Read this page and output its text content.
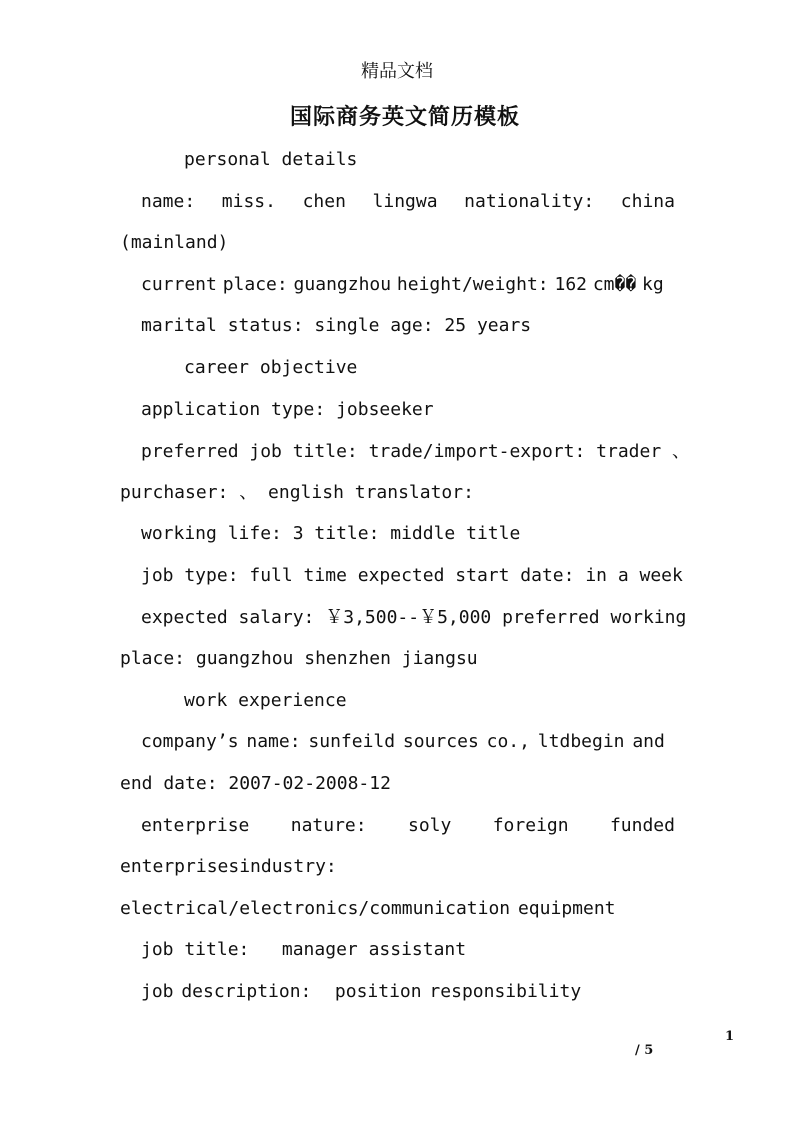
精品文档
国际商务英文简历模板
personal details
name: miss. chen lingwa nationality: china
(mainland)
current place: guangzhou height/weight: 162 cm�� kg
marital status: single age: 25 years
career objective
application type: jobseeker
preferred job title: trade/import-export: trader 、
purchaser: 、 english translator:
working life: 3 title: middle title
job type: full time expected start date: in a week
expected salary: ￥3,500--￥5,000 preferred working
place: guangzhou shenzhen jiangsu
work experience
company’s name: sunfeild sources co., ltdbegin and
end date: 2007-02-2008-12
enterprise nature: soly foreign funded
enterprisesindustry:
electrical/electronics/communication equipment
job title:   manager assistant
job description:   position responsibility
1
/ 5
